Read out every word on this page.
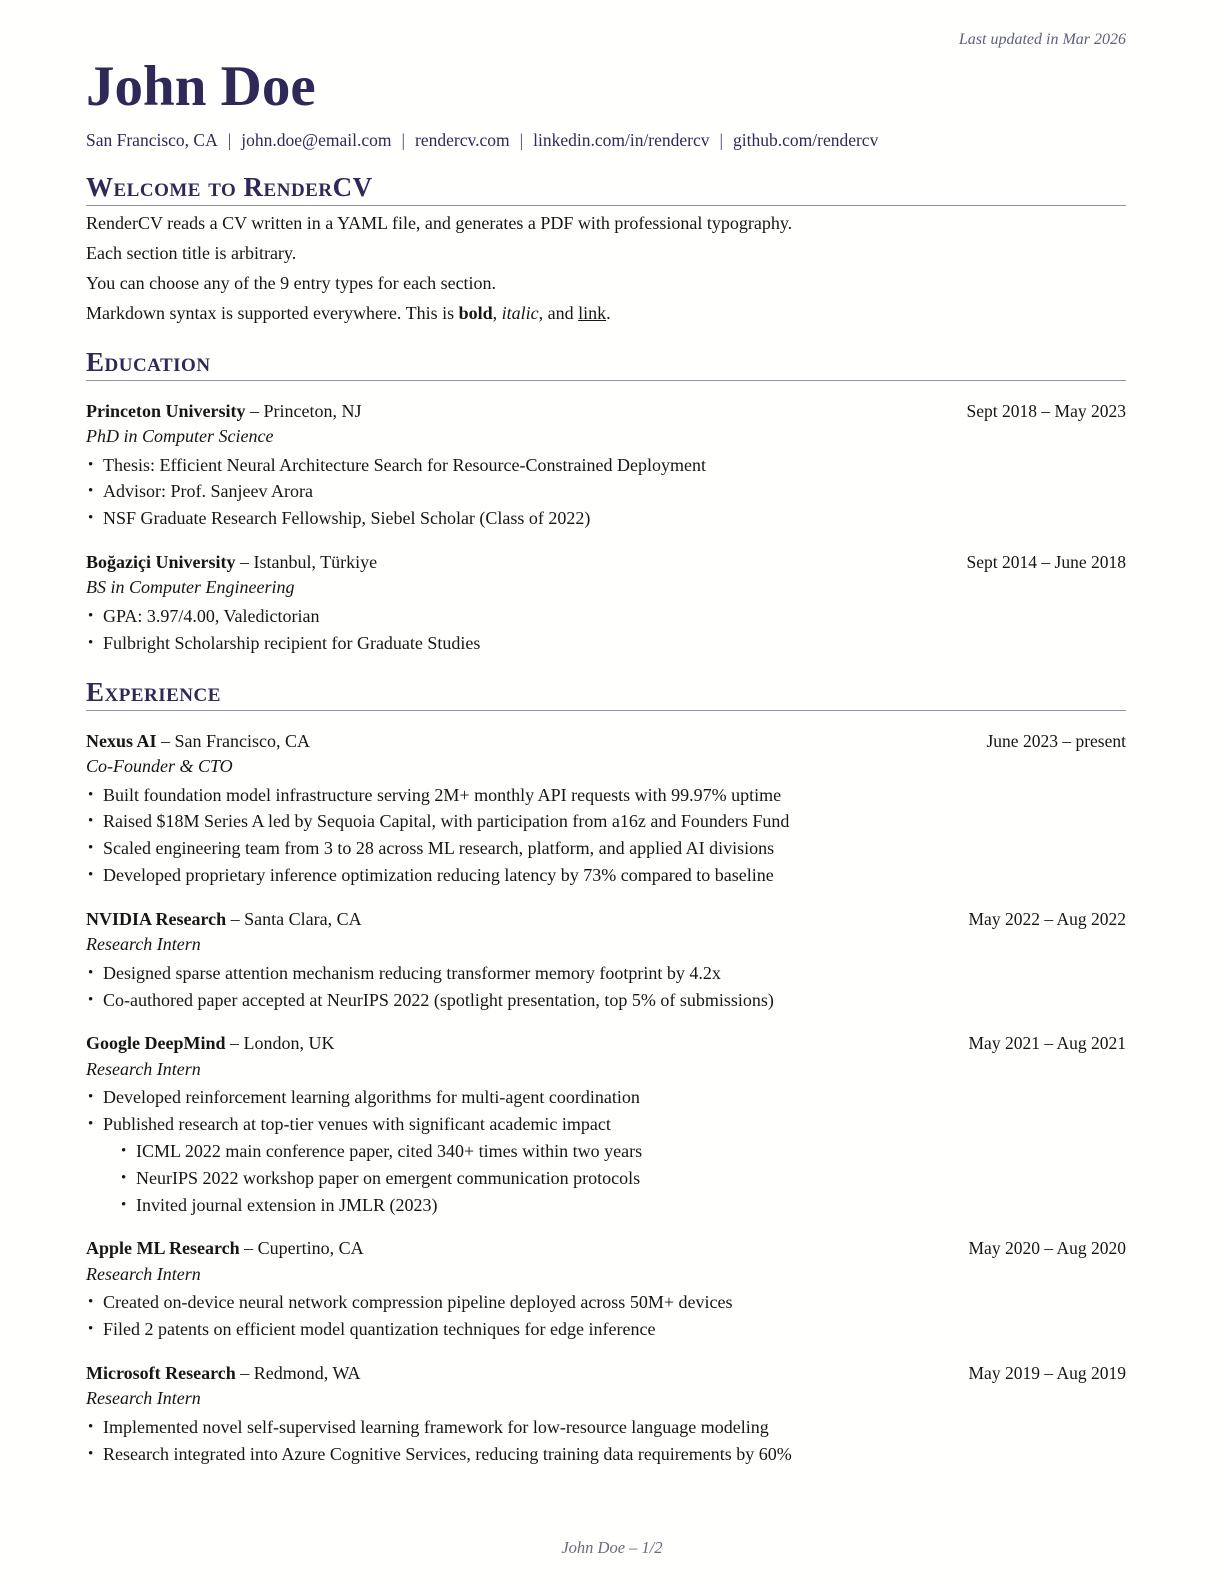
Last updated in Mar 2026
John Doe
San Francisco, CA | john.doe@email.com | rendercv.com | linkedin.com/in/rendercv | github.com/rendercv
Welcome to RenderCV

RenderCV reads a CV written in a YAML file, and generates a PDF with professional typography.

Each section title is arbitrary.

You can choose any of the 9 entry types for each section.

Markdown syntax is supported everywhere. This is bold, italic, and link.

Education
Princeton University – Princeton, NJ	Sept 2018 – May 2023
PhD in Computer Science
• Thesis: Efficient Neural Architecture Search for Resource-Constrained Deployment
• Advisor: Prof. Sanjeev Arora
• NSF Graduate Research Fellowship, Siebel Scholar (Class of 2022)
Boğaziçi University – Istanbul, Türkiye	Sept 2014 – June 2018
BS in Computer Engineering
• GPA: 3.97/4.00, Valedictorian
• Fulbright Scholarship recipient for Graduate Studies
Experience
Nexus AI – San Francisco, CA	June 2023 – present
Co-Founder & CTO
• Built foundation model infrastructure serving 2M+ monthly API requests with 99.97% uptime
• Raised $18M Series A led by Sequoia Capital, with participation from a16z and Founders Fund
• Scaled engineering team from 3 to 28 across ML research, platform, and applied AI divisions
• Developed proprietary inference optimization reducing latency by 73% compared to baseline
NVIDIA Research – Santa Clara, CA	May 2022 – Aug 2022
Research Intern
• Designed sparse attention mechanism reducing transformer memory footprint by 4.2x
• Co-authored paper accepted at NeurIPS 2022 (spotlight presentation, top 5% of submissions)
Google DeepMind – London, UK	May 2021 – Aug 2021
Research Intern
• Developed reinforcement learning algorithms for multi-agent coordination
• Published research at top-tier venues with significant academic impact
• ICML 2022 main conference paper, cited 340+ times within two years
• NeurIPS 2022 workshop paper on emergent communication protocols
• Invited journal extension in JMLR (2023)
Apple ML Research – Cupertino, CA	May 2020 – Aug 2020
Research Intern
• Created on-device neural network compression pipeline deployed across 50M+ devices
• Filed 2 patents on efficient model quantization techniques for edge inference
Microsoft Research – Redmond, WA	May 2019 – Aug 2019
Research Intern
• Implemented novel self-supervised learning framework for low-resource language modeling
• Research integrated into Azure Cognitive Services, reducing training data requirements by 60%
John Doe – 1/2
